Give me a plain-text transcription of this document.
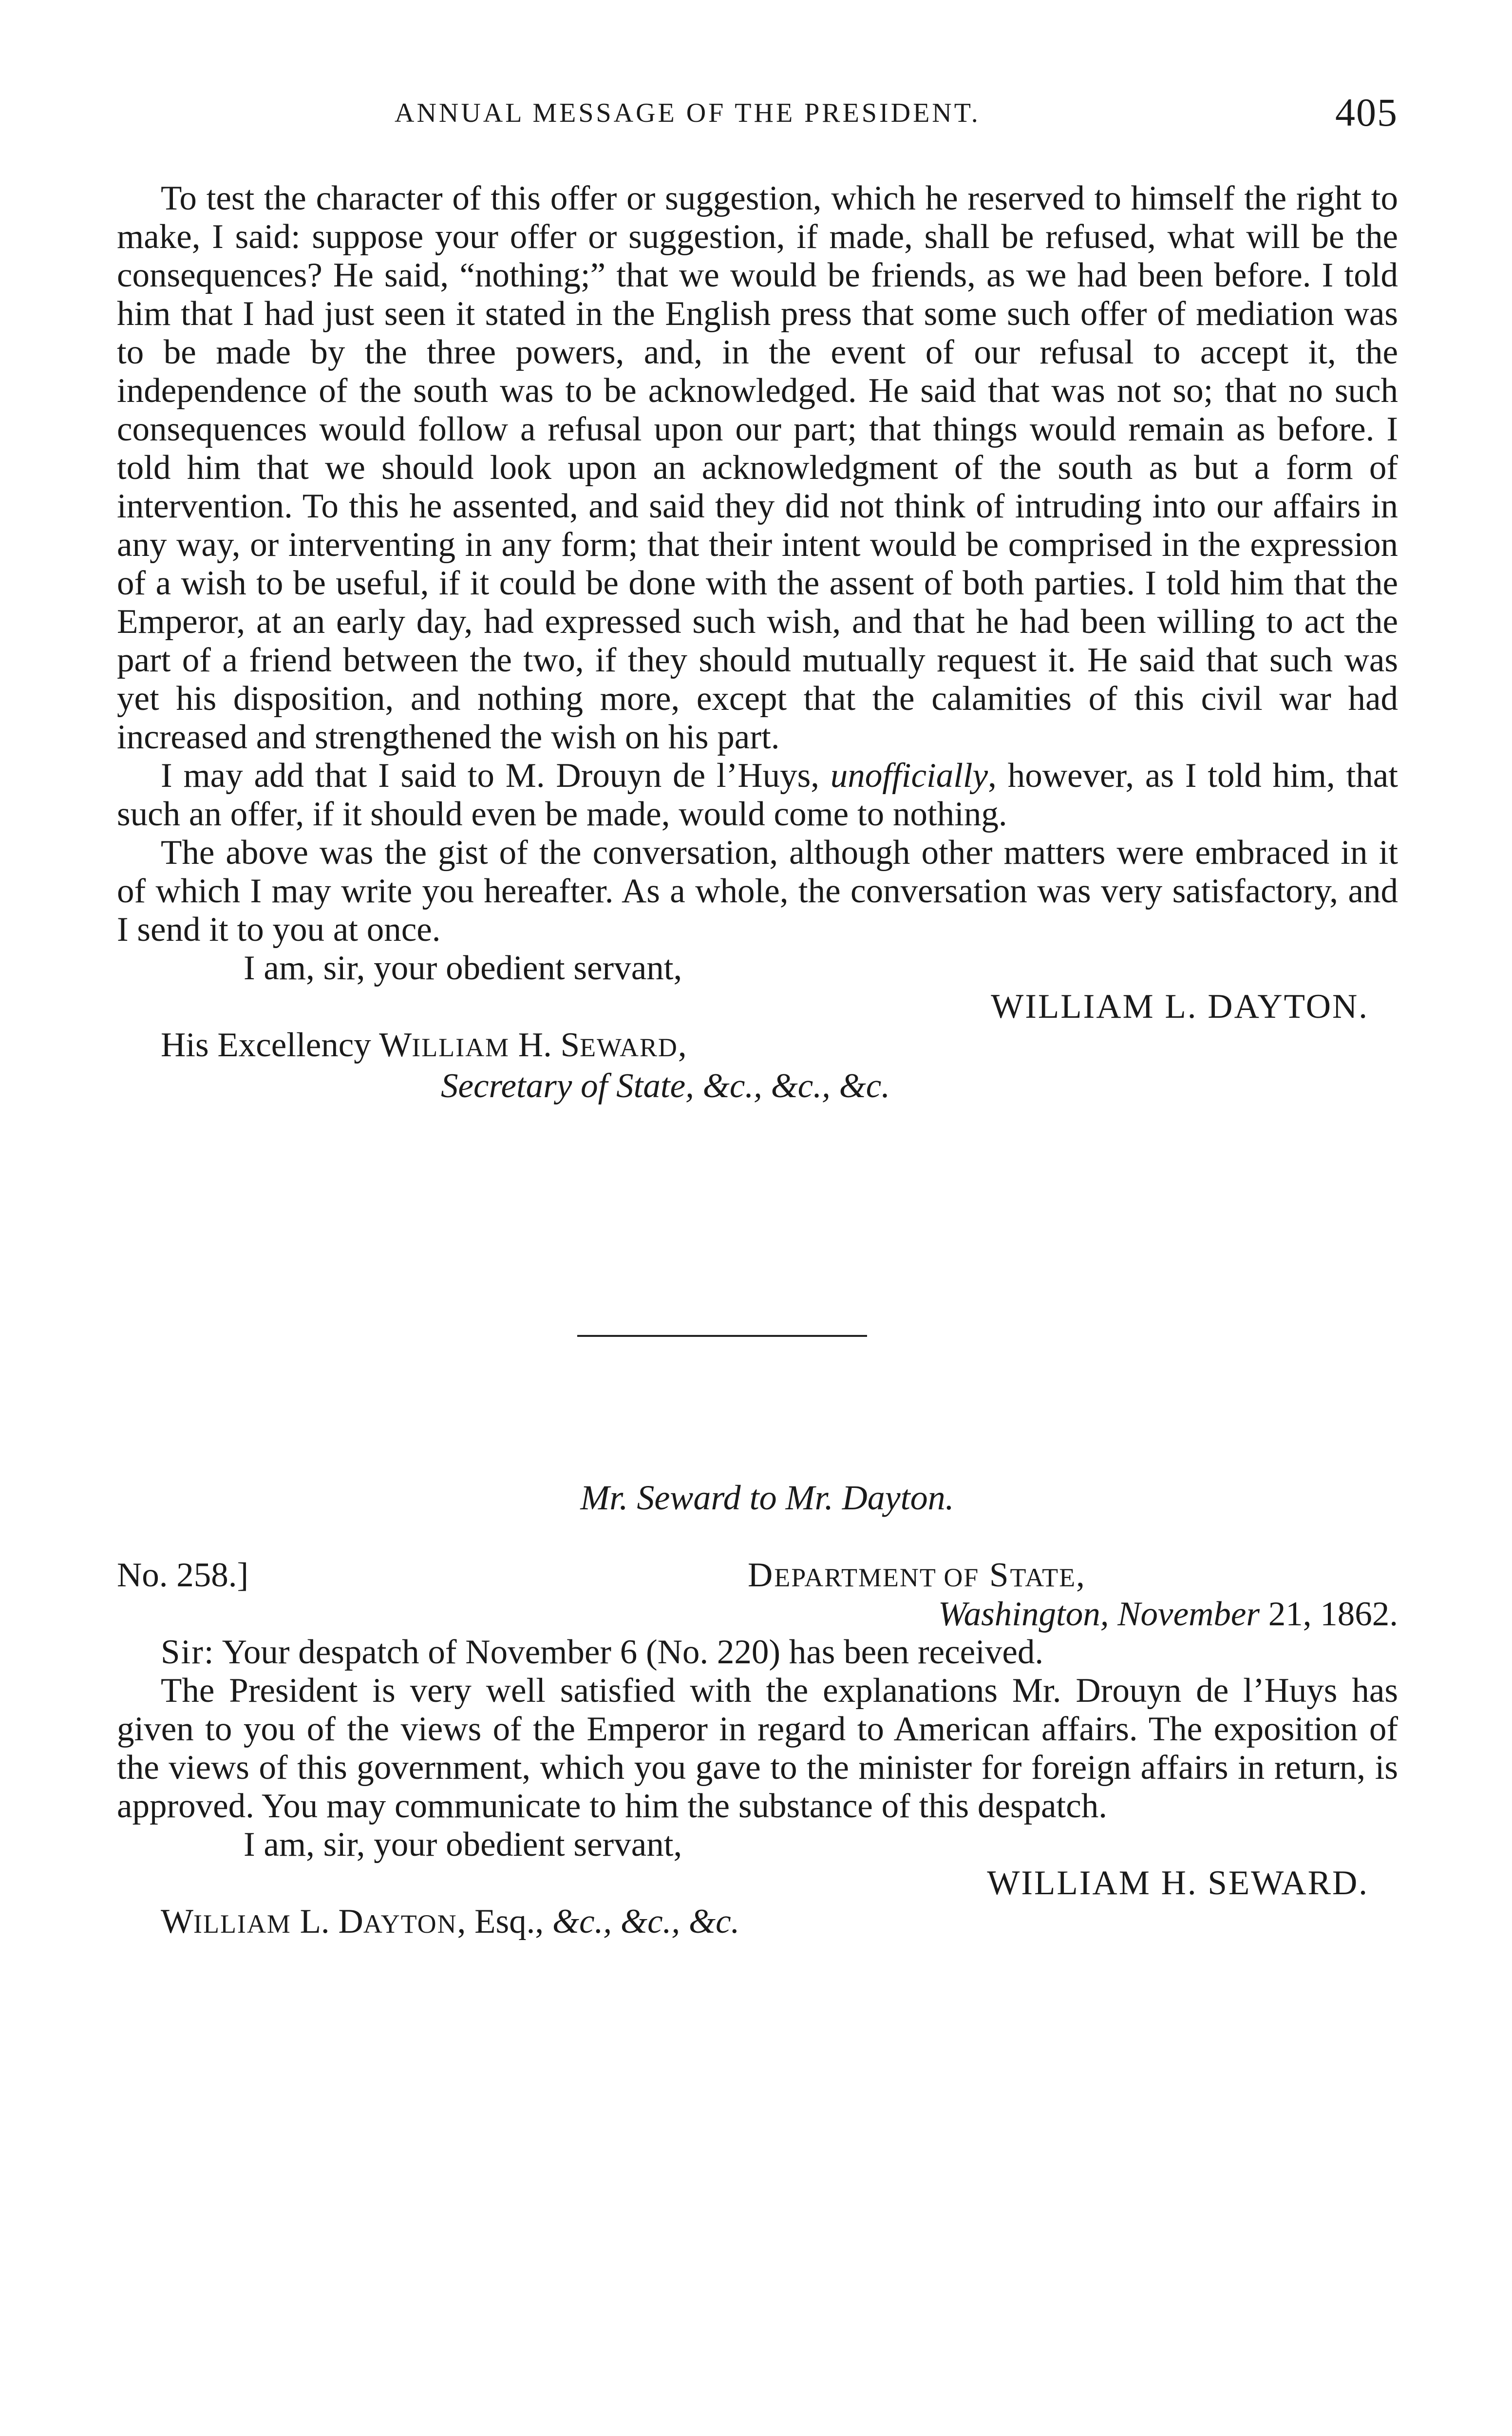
ANNUAL MESSAGE OF THE PRESIDENT.	405

To test the character of this offer or suggestion, which he reserved to himself the right to make, I said: suppose your offer or suggestion, if made, shall be refused, what will be the consequences? He said, “nothing;” that we would be friends, as we had been before. I told him that I had just seen it stated in the English press that some such offer of mediation was to be made by the three powers, and, in the event of our refusal to accept it, the independence of the south was to be acknowledged. He said that was not so; that no such consequences would follow a refusal upon our part; that things would remain as before. I told him that we should look upon an acknowledgment of the south as but a form of intervention. To this he assented, and said they did not think of intruding into our affairs in any way, or interventing in any form; that their intent would be comprised in the expression of a wish to be useful, if it could be done with the assent of both parties. I told him that the Emperor, at an early day, had expressed such wish, and that he had been willing to act the part of a friend between the two, if they should mutually request it. He said that such was yet his disposition, and nothing more, except that the calamities of this civil war had increased and strengthened the wish on his part.

I may add that I said to M. Drouyn de l’Huys, unofficially, however, as I told him, that such an offer, if it should even be made, would come to nothing.

The above was the gist of the conversation, although other matters were embraced in it of which I may write you hereafter. As a whole, the conversation was very satisfactory, and I send it to you at once.

I am, sir, your obedient servant,

WILLIAM L. DAYTON.

His Excellency WILLIAM H. SEWARD,

Secretary of State, &c., &c., &c.

Mr. Seward to Mr. Dayton.

No. 258.]	DEPARTMENT OF STATE,
Washington, November 21, 1862.

Sir: Your despatch of November 6 (No. 220) has been received.

The President is very well satisfied with the explanations Mr. Drouyn de l’Huys has given to you of the views of the Emperor in regard to American affairs. The exposition of the views of this government, which you gave to the minister for foreign affairs in return, is approved. You may communicate to him the substance of this despatch.

I am, sir, your obedient servant,

WILLIAM H. SEWARD.

WILLIAM L. DAYTON, Esq., &c., &c., &c.
